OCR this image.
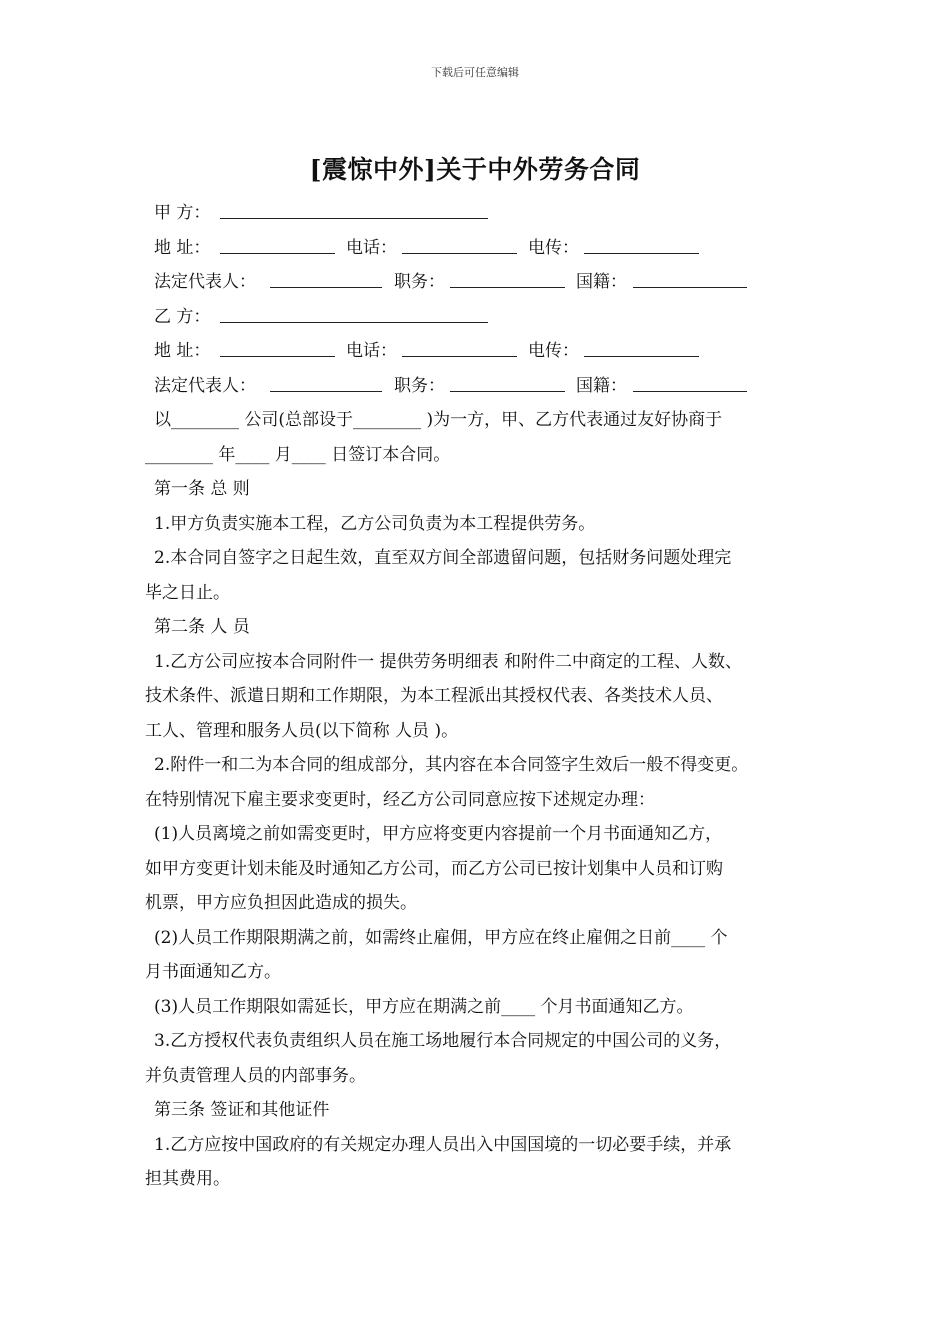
下载后可任意编辑
[震惊中外]关于中外劳务合同
甲 方：
地 址：	电话：	电传：
法定代表人：	职务：	国籍：
乙 方：
地 址：	电话：	电传：
法定代表人：	职务：	国籍：
以________ 公司(总部设于________ )为一方，甲、乙方代表通过友好协商于
________ 年____ 月____ 日签订本合同。
第一条 总 则
1.甲方负责实施本工程，乙方公司负责为本工程提供劳务。
2.本合同自签字之日起生效，直至双方间全部遗留问题，包括财务问题处理完
毕之日止。
第二条 人 员
1.乙方公司应按本合同附件一 提供劳务明细表 和附件二中商定的工程、人数、
技术条件、派遣日期和工作期限，为本工程派出其授权代表、各类技术人员、
工人、管理和服务人员(以下简称 人员 )。
2.附件一和二为本合同的组成部分，其内容在本合同签字生效后一般不得变更。
在特别情况下雇主要求变更时，经乙方公司同意应按下述规定办理：
(1)人员离境之前如需变更时，甲方应将变更内容提前一个月书面通知乙方，
如甲方变更计划未能及时通知乙方公司，而乙方公司已按计划集中人员和订购
机票，甲方应负担因此造成的损失。
(2)人员工作期限期满之前，如需终止雇佣，甲方应在终止雇佣之日前____ 个
月书面通知乙方。
(3)人员工作期限如需延长，甲方应在期满之前____ 个月书面通知乙方。
3.乙方授权代表负责组织人员在施工场地履行本合同规定的中国公司的义务，
并负责管理人员的内部事务。
第三条 签证和其他证件
1.乙方应按中国政府的有关规定办理人员出入中国国境的一切必要手续，并承
担其费用。
